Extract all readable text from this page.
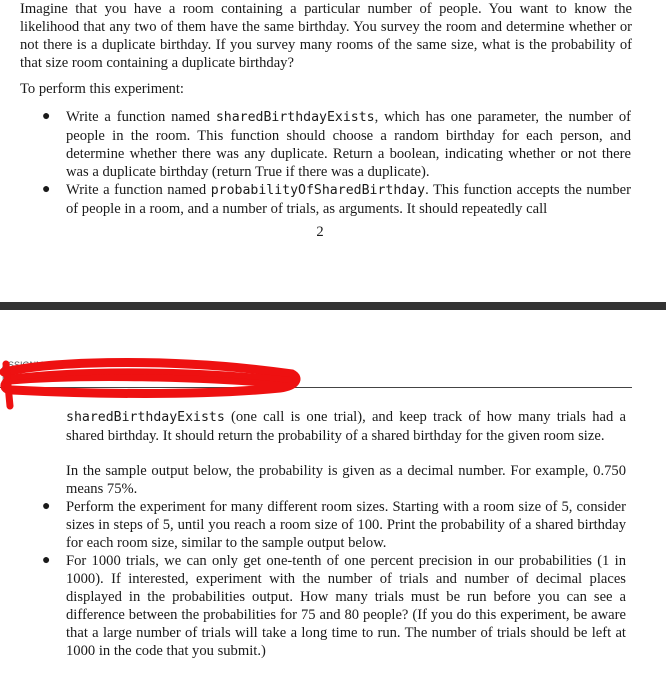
Imagine that you have a room containing a particular number of people. You want to know the likelihood that any two of them have the same birthday. You survey the room and determine whether or not there is a duplicate birthday. If you survey many rooms of the same size, what is the probability of that size room containing a duplicate birthday?

To perform this experiment:

● Write a function named sharedBirthdayExists, which has one parameter, the number of people in the room. This function should choose a random birthday for each person, and determine whether there was any duplicate. Return a boolean, indicating whether or not there was a duplicate birthday (return True if there was a duplicate).
● Write a function named probabilityOfSharedBirthday. This function accepts the number of people in a room, and a number of trials, as arguments. It should repeatedly call
2
ASSIGNMENT 5
D

sharedBirthdayExists (one call is one trial), and keep track of how many trials had a shared birthday. It should return the probability of a shared birthday for the given room size.

In the sample output below, the probability is given as a decimal number. For example, 0.750 means 75%.

● Perform the experiment for many different room sizes. Starting with a room size of 5, consider sizes in steps of 5, until you reach a room size of 100. Print the probability of a shared birthday for each room size, similar to the sample output below.
● For 1000 trials, we can only get one-tenth of one percent precision in our probabilities (1 in 1000). If interested, experiment with the number of trials and number of decimal places displayed in the probabilities output. How many trials must be run before you can see a difference between the probabilities for 75 and 80 people? (If you do this experiment, be aware that a large number of trials will take a long time to run. The number of trials should be left at 1000 in the code that you submit.)
